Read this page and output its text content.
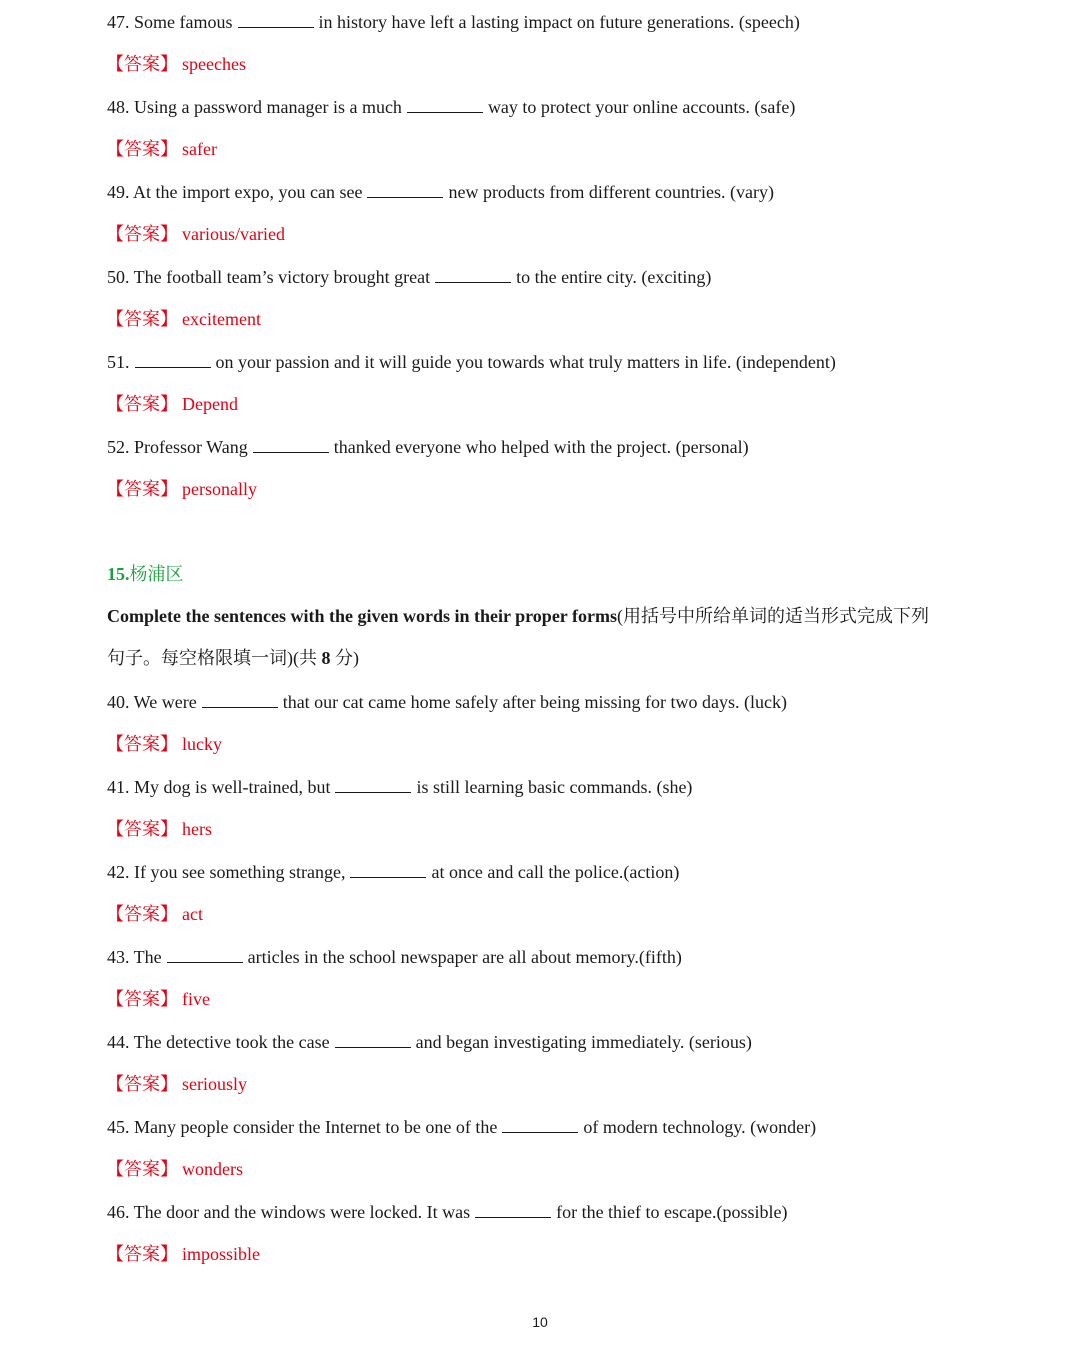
47. Some famous	in history have left a lasting impact on future generations. (speech)
【答案】 speeches
48. Using a password manager is a much	way to protect your online accounts. (safe)
【答案】 safer
49. At the import expo, you can see	new products from different countries. (vary)
【答案】 various/varied
50. The football team’s victory brought great	to the entire city. (exciting)
【答案】 excitement
51.	on your passion and it will guide you towards what truly matters in life. (independent)
【答案】 Depend
52. Professor Wang	thanked everyone who helped with the project. (personal)
【答案】 personally
15.杨浦区
Complete the sentences with the given words in their proper forms(用括号中所给单词的适当形式完成下列
句子。每空格限填一词)(共 8 分)
40. We were	that our cat came home safely after being missing for two days. (luck)
【答案】 lucky
41. My dog is well-trained, but	is still learning basic commands. (she)
【答案】 hers
42. If you see something strange,	at once and call the police.(action)
【答案】 act
43. The	articles in the school newspaper are all about memory.(fifth)
【答案】 five
44. The detective took the case	and began investigating immediately. (serious)
【答案】 seriously
45. Many people consider the Internet to be one of the	of modern technology. (wonder)
【答案】 wonders
46. The door and the windows were locked. It was	for the thief to escape.(possible)
【答案】 impossible
10
